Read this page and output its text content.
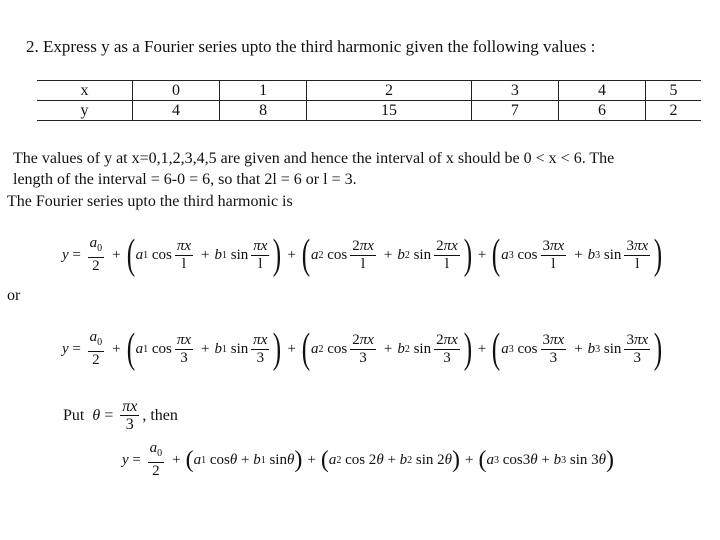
2. Express y as a Fourier series upto the third harmonic given the following values :
x	0	1	2	3	4	5
y	4	8	15	7	6	2
The values of y at x=0,1,2,3,4,5 are given and hence the interval of x should be 0 < x < 6. The
length of the interval = 6-0 = 6, so that 2l = 6 or l = 3.
The Fourier series upto the third harmonic is
$y = \frac{a_0}{2}$ + ( a 1 $\cos \frac{\pi x}{l} + b$ 1 $\sin \frac{\pi x}{l}$ ) + ( a 2 $\cos \frac{2\pi x}{l} + b$ 2 $\sin \frac{2\pi x}{l}$ ) + ( a 3 $\cos \frac{3\pi x}{l} + b$ 3 $\sin \frac{3\pi x}{l}$ )
or
$y = \frac{a_0}{2}$ + ( a 1 $\cos \frac{\pi x}{3} + b$ 1 $\sin \frac{\pi x}{3}$ ) + ( a 2 $\cos \frac{2\pi x}{3} + b$ 2 $\sin \frac{2\pi x}{3}$ ) + ( a 3 $\cos \frac{3\pi x}{3} + b$ 3 $\sin \frac{3\pi x}{3}$ )
Put
$\theta = \frac{\pi x}{3}$ , then
$y = \frac{a_0}{2}$ + ( a 1 cos θ + b 1 sin θ ) + ( a 2 cos 2 θ + b 2 sin 2 θ ) + ( a 3 cos3 θ + b 3 sin 3 θ )
